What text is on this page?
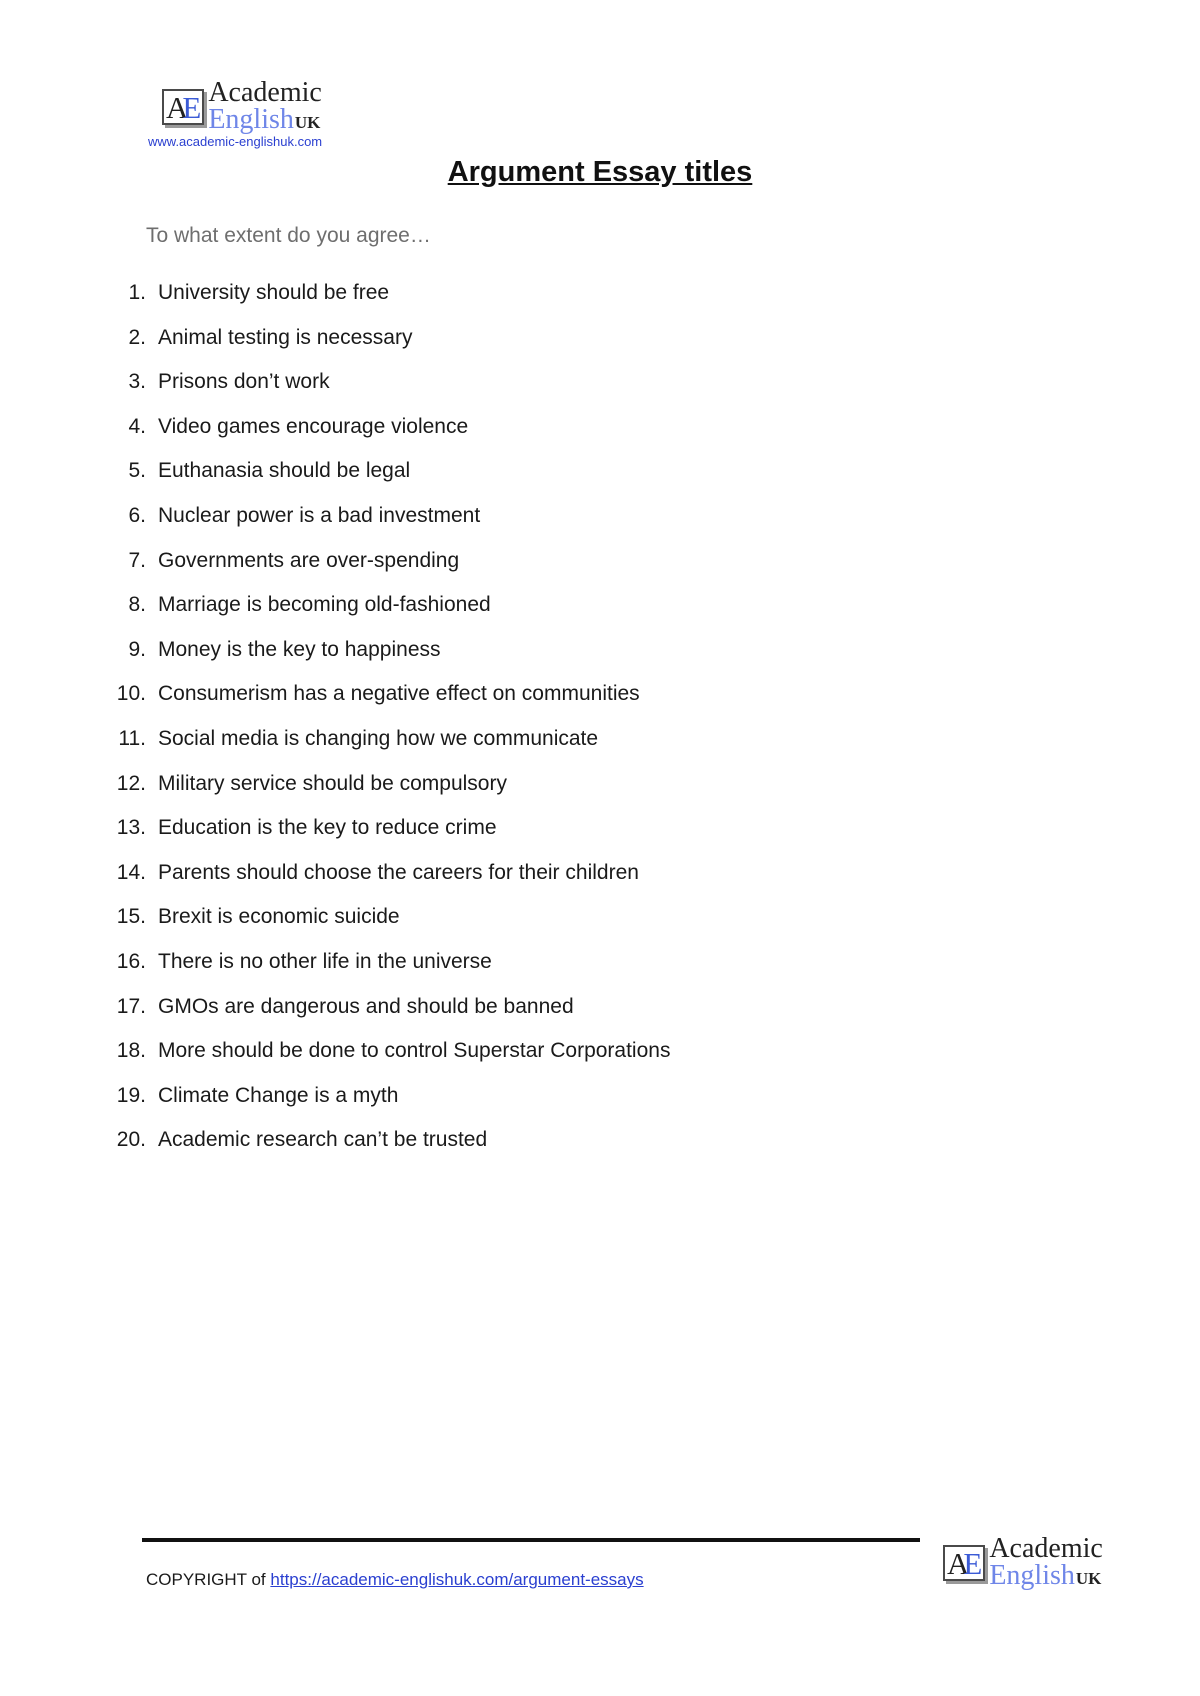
A E Academic
EnglishUK
www.academic-englishuk.com
Argument Essay titles
To what extent do you agree…
1. University should be free
2. Animal testing is necessary
3. Prisons don’t work
4. Video games encourage violence
5. Euthanasia should be legal
6. Nuclear power is a bad investment
7. Governments are over-spending
8. Marriage is becoming old-fashioned
9. Money is the key to happiness
10. Consumerism has a negative effect on communities
11. Social media is changing how we communicate
12. Military service should be compulsory
13. Education is the key to reduce crime
14. Parents should choose the careers for their children
15. Brexit is economic suicide
16. There is no other life in the universe
17. GMOs are dangerous and should be banned
18. More should be done to control Superstar Corporations
19. Climate Change is a myth
20. Academic research can’t be trusted
COPYRIGHT of https://academic-englishuk.com/argument-essays	A E Academic
EnglishUK
